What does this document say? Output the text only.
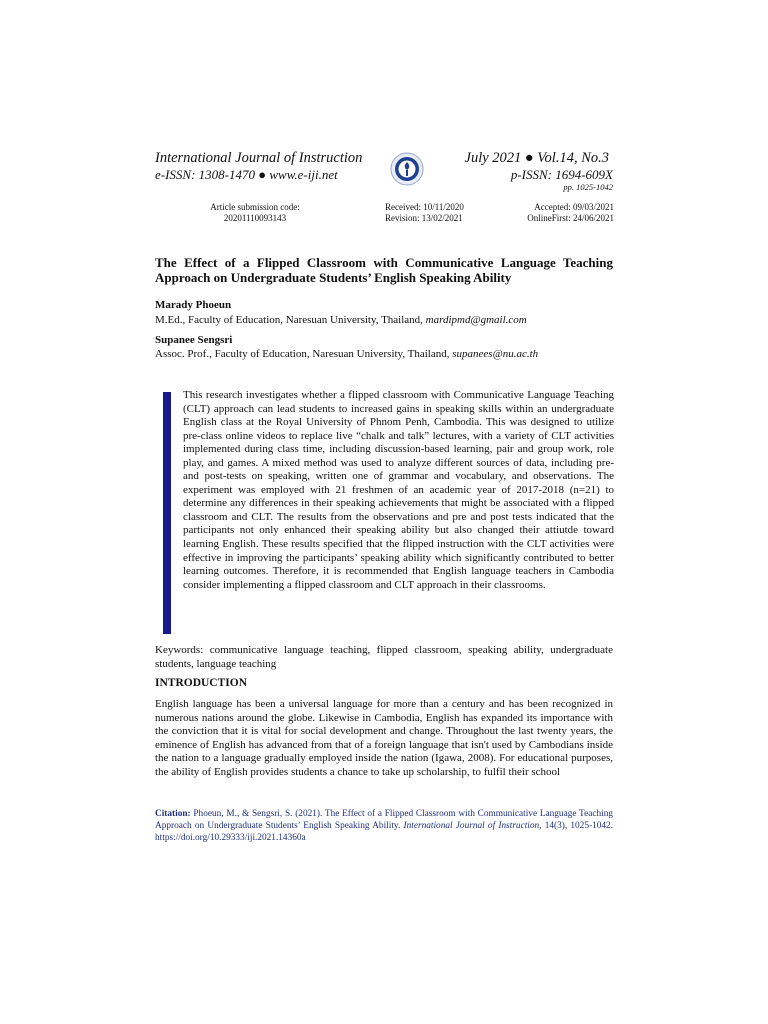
International Journal of Instruction
e-ISSN: 1308-1470 ● www.e-iji.net
July 2021 ● Vol.14, No.3
p-ISSN: 1694-609X
pp. 1025-1042
Article submission code:
20201110093143
Received: 10/11/2020
Revision: 13/02/2021
Accepted: 09/03/2021
OnlineFirst: 24/06/2021
The Effect of a Flipped Classroom with Communicative Language Teaching Approach on Undergraduate Students’ English Speaking Ability
Marady Phoeun
M.Ed., Faculty of Education, Naresuan University, Thailand, mardipmd@gmail.com
Supanee Sengsri
Assoc. Prof., Faculty of Education, Naresuan University, Thailand, supanees@nu.ac.th
This research investigates whether a flipped classroom with Communicative Language Teaching (CLT) approach can lead students to increased gains in speaking skills within an undergraduate English class at the Royal University of Phnom Penh, Cambodia. This was designed to utilize pre-class online videos to replace live “chalk and talk” lectures, with a variety of CLT activities implemented during class time, including discussion-based learning, pair and group work, role play, and games. A mixed method was used to analyze different sources of data, including pre- and post-tests on speaking, written one of grammar and vocabulary, and observations. The experiment was employed with 21 freshmen of an academic year of 2017-2018 (n=21) to determine any differences in their speaking achievements that might be associated with a flipped classroom and CLT. The results from the observations and pre and post tests indicated that the participants not only enhanced their speaking ability but also changed their attiutde toward learning English. These results specified that the flipped instruction with the CLT activities were effective in improving the participants’ speaking ability which significantly contributed to better learning outcomes. Therefore, it is recommended that English language teachers in Cambodia consider implementing a flipped classroom and CLT approach in their classrooms.
Keywords: communicative language teaching, flipped classroom, speaking ability, undergraduate students, language teaching
INTRODUCTION
English language has been a universal language for more than a century and has been recognized in numerous nations around the globe. Likewise in Cambodia, English has expanded its importance with the conviction that it is vital for social development and change. Throughout the last twenty years, the eminence of English has advanced from that of a foreign language that isn't used by Cambodians inside the nation to a language gradually employed inside the nation (Igawa, 2008). For educational purposes, the ability of English provides students a chance to take up scholarship, to fulfil their school
Citation: Phoeun, M., & Sengsri, S. (2021). The Effect of a Flipped Classroom with Communicative Language Teaching Approach on Undergraduate Students’ English Speaking Ability. International Journal of Instruction, 14(3), 1025-1042. https://doi.org/10.29333/iji.2021.14360a
